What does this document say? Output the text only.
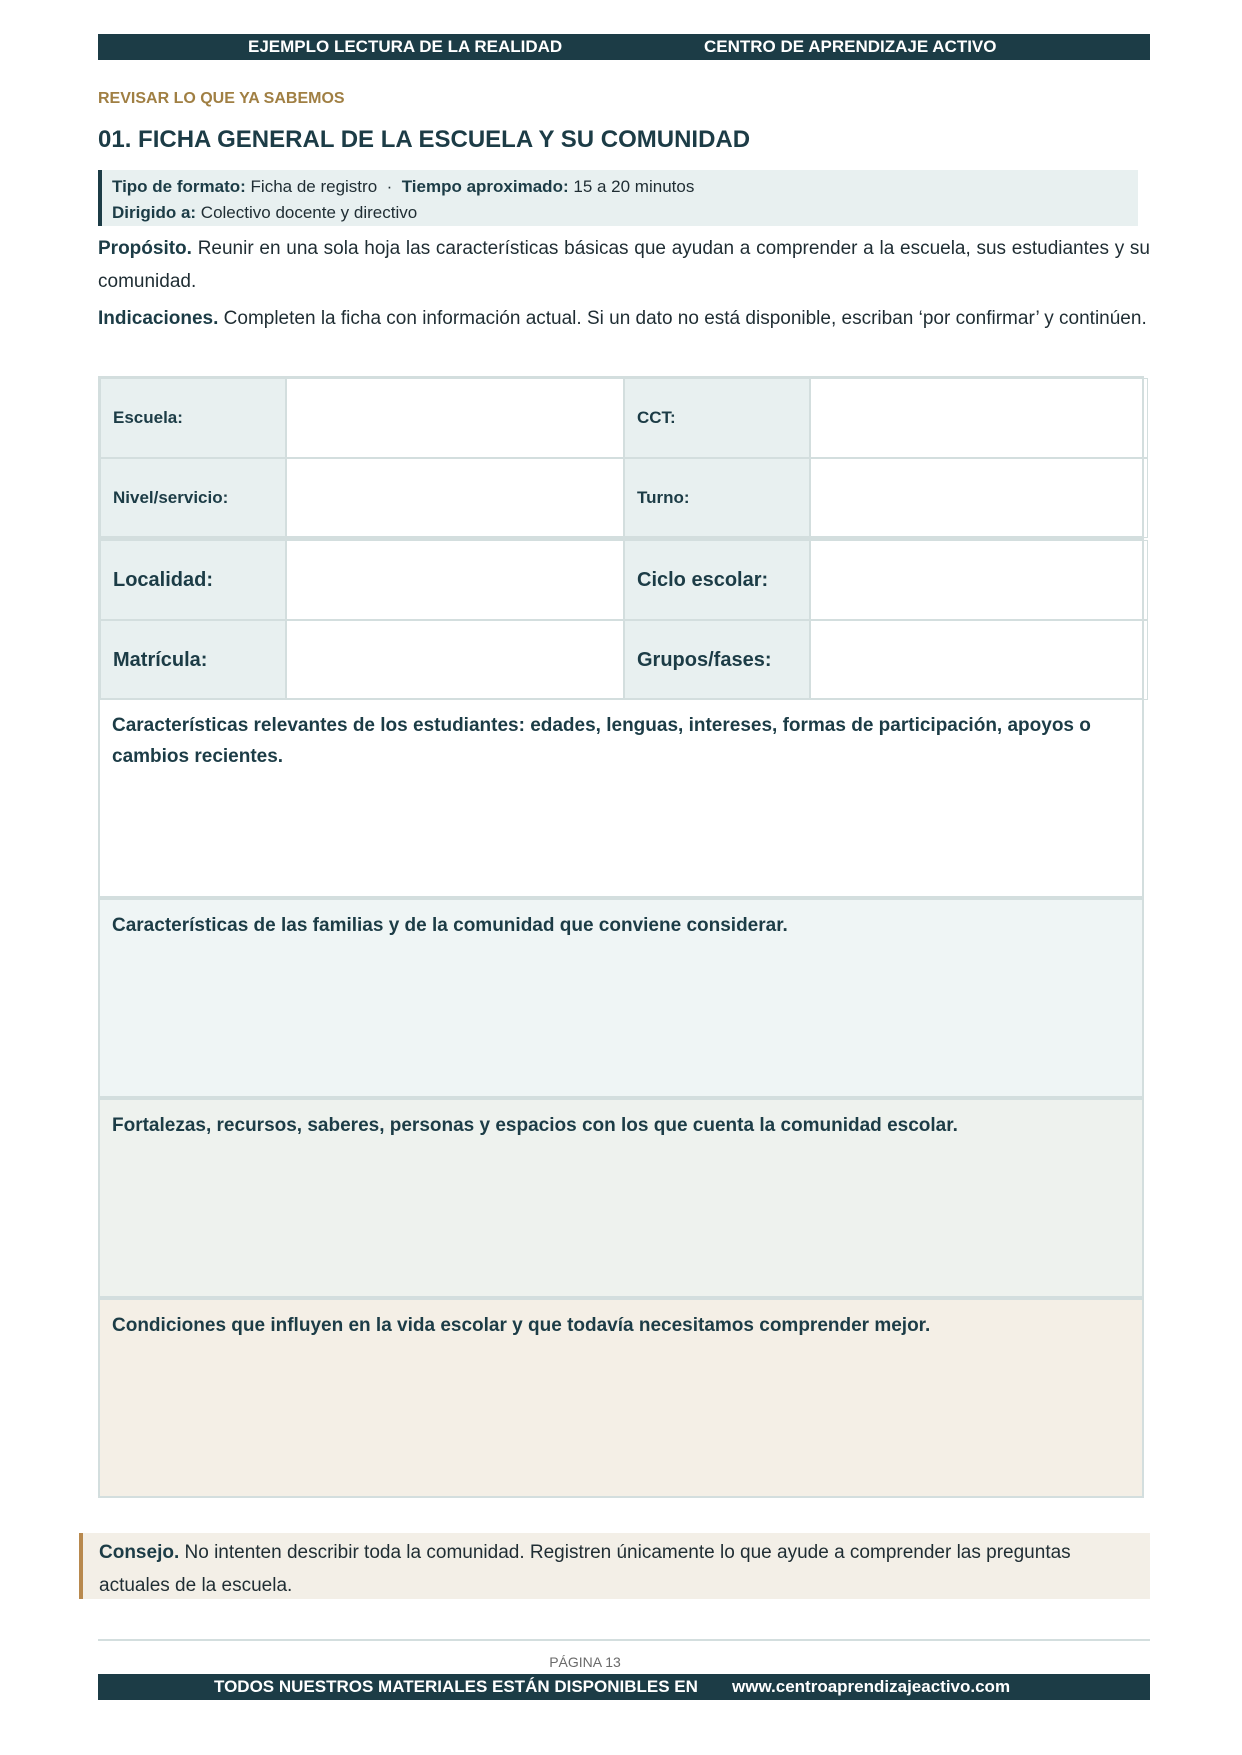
EJEMPLO LECTURA DE LA REALIDAD	CENTRO DE APRENDIZAJE ACTIVO
REVISAR LO QUE YA SABEMOS
01. FICHA GENERAL DE LA ESCUELA Y SU COMUNIDAD
Tipo de formato: Ficha de registro · Tiempo aproximado: 15 a 20 minutos
Dirigido a: Colectivo docente y directivo

Propósito. Reunir en una sola hoja las características básicas que ayudan a comprender a la escuela, sus estudiantes y su comunidad.

Indicaciones. Completen la ficha con información actual. Si un dato no está disponible, escriban ‘por confirmar’ y continúen.

Escuela:	CCT:
Nivel/servicio:	Turno:
Localidad:	Ciclo escolar:
Matrícula:	Grupos/fases:
Características relevantes de los estudiantes: edades, lenguas, intereses, formas de participación, apoyos o cambios recientes.
Características de las familias y de la comunidad que conviene considerar.
Fortalezas, recursos, saberes, personas y espacios con los que cuenta la comunidad escolar.
Condiciones que influyen en la vida escolar y que todavía necesitamos comprender mejor.
Consejo. No intenten describir toda la comunidad. Registren únicamente lo que ayude a comprender las preguntas actuales de la escuela.
PÁGINA 13
TODOS NUESTROS MATERIALES ESTÁN DISPONIBLES EN www.centroaprendizajeactivo.com
